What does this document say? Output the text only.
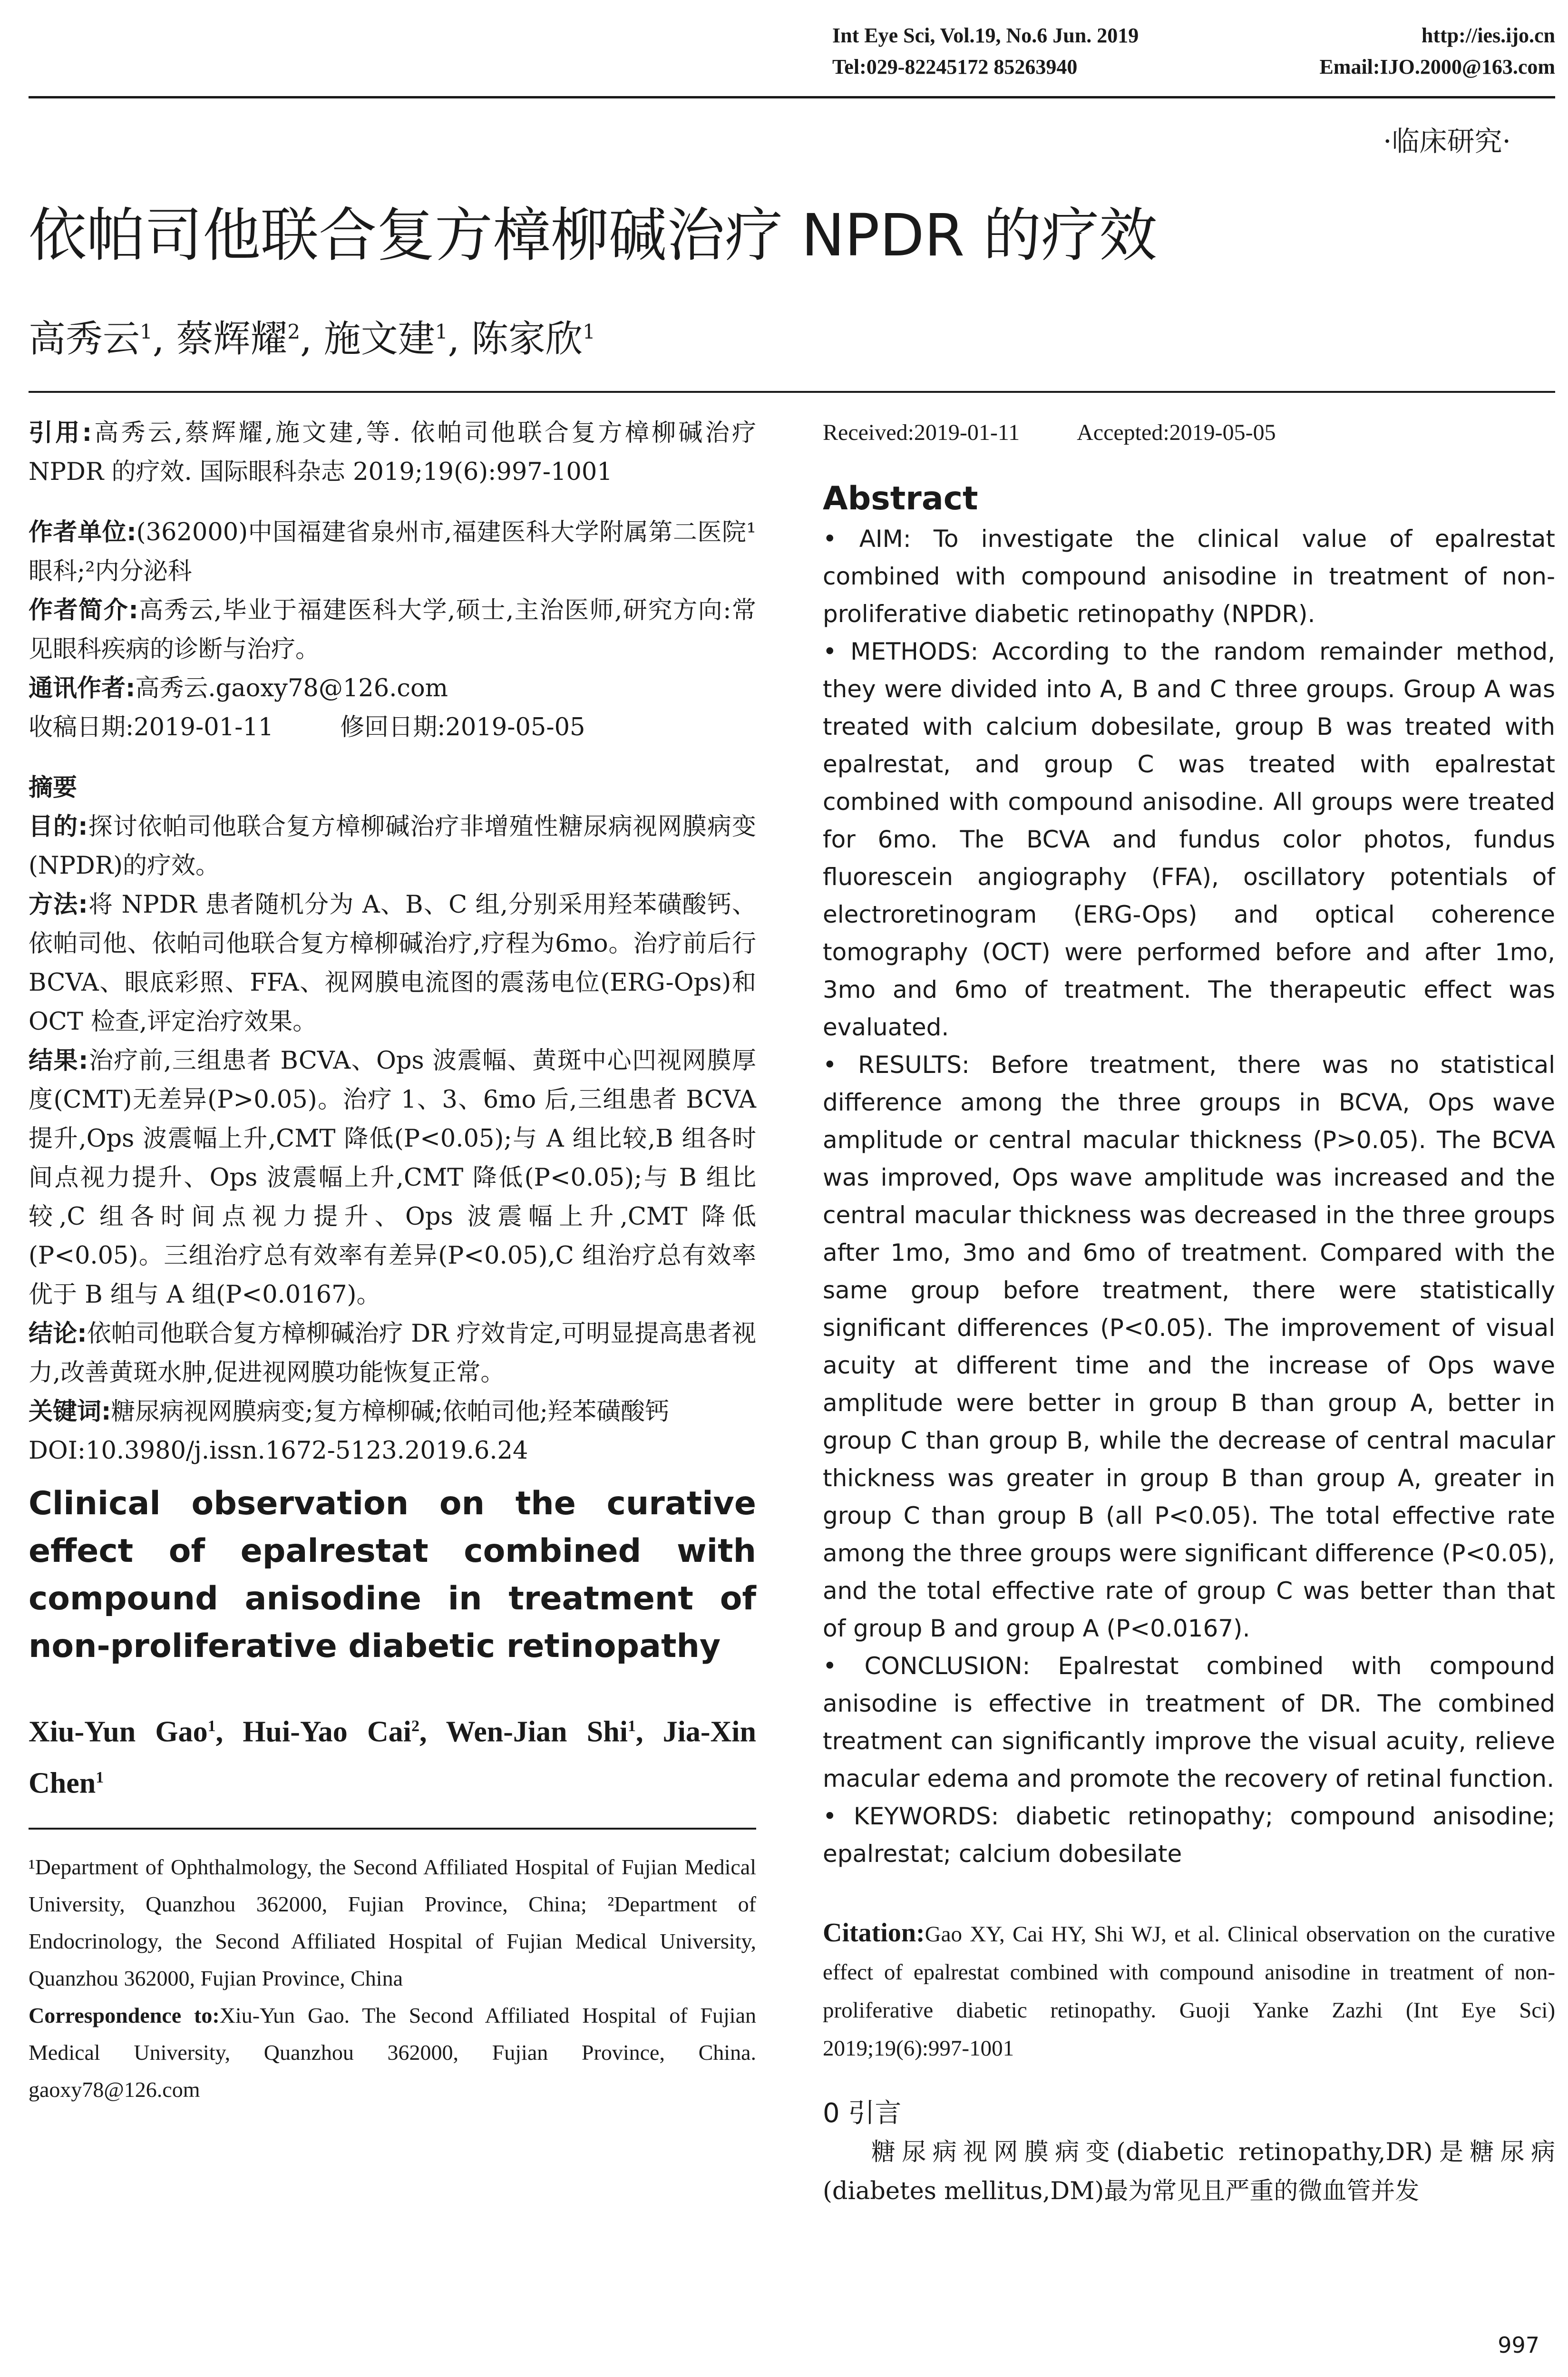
Int Eye Sci, Vol.19, No.6 Jun. 2019	http://ies.ijo.cn
Tel:029-82245172 85263940	Email:IJO.2000@163.com
·临床研究·
依帕司他联合复方樟柳碱治疗 NPDR 的疗效
高秀云$^1$, 蔡辉耀$^2$, 施文建$^1$, 陈家欣$^1$

引用:高秀云,蔡辉耀,施文建,等. 依帕司他联合复方樟柳碱治疗 NPDR 的疗效. 国际眼科杂志 2019;19(6):997-1001

作者单位:(362000)中国福建省泉州市,福建医科大学附属第二医院¹眼科;²内分泌科

作者简介:高秀云,毕业于福建医科大学,硕士,主治医师,研究方向:常见眼科疾病的诊断与治疗。

通讯作者:高秀云.gaoxy78@126.com

收稿日期:2019-01-11	修回日期:2019-05-05

摘要

目的:探讨依帕司他联合复方樟柳碱治疗非增殖性糖尿病视网膜病变(NPDR)的疗效。

方法:将 NPDR 患者随机分为 A、B、C 组,分别采用羟苯磺酸钙、依帕司他、依帕司他联合复方樟柳碱治疗,疗程为6mo。治疗前后行 BCVA、眼底彩照、FFA、视网膜电流图的震荡电位(ERG-Ops)和 OCT 检查,评定治疗效果。

结果:治疗前,三组患者 BCVA、Ops 波震幅、黄斑中心凹视网膜厚度(CMT)无差异(P>0.05)。治疗 1、3、6mo 后,三组患者 BCVA 提升,Ops 波震幅上升,CMT 降低(P<0.05);与 A 组比较,B 组各时间点视力提升、Ops 波震幅上升,CMT 降低(P<0.05);与 B 组比较,C 组各时间点视力提升、Ops 波震幅上升,CMT 降低(P<0.05)。三组治疗总有效率有差异(P<0.05),C 组治疗总有效率优于 B 组与 A 组(P<0.0167)。

结论:依帕司他联合复方樟柳碱治疗 DR 疗效肯定,可明显提高患者视力,改善黄斑水肿,促进视网膜功能恢复正常。

关键词:糖尿病视网膜病变;复方樟柳碱;依帕司他;羟苯磺酸钙

DOI:10.3980/j.issn.1672-5123.2019.6.24

Clinical observation on the curative effect of epalrestat combined with compound anisodine in treatment of non-proliferative diabetic retinopathy
Xiu-Yun Gao$^1$, Hui-Yao Cai$^2$, Wen-Jian Shi$^1$, Jia-Xin Chen$^1$

¹Department of Ophthalmology, the Second Affiliated Hospital of Fujian Medical University, Quanzhou 362000, Fujian Province, China; ²Department of Endocrinology, the Second Affiliated Hospital of Fujian Medical University, Quanzhou 362000, Fujian Province, China

Correspondence to:Xiu-Yun Gao. The Second Affiliated Hospital of Fujian Medical University, Quanzhou 362000, Fujian Province, China. gaoxy78@126.com

Received:2019-01-11	Accepted:2019-05-05
Abstract

• AIM: To investigate the clinical value of epalrestat combined with compound anisodine in treatment of non-proliferative diabetic retinopathy (NPDR).

• METHODS: According to the random remainder method, they were divided into A, B and C three groups. Group A was treated with calcium dobesilate, group B was treated with epalrestat, and group C was treated with epalrestat combined with compound anisodine. All groups were treated for 6mo. The BCVA and fundus color photos, fundus fluorescein angiography (FFA), oscillatory potentials of electroretinogram (ERG-Ops) and optical coherence tomography (OCT) were performed before and after 1mo, 3mo and 6mo of treatment. The therapeutic effect was evaluated.

• RESULTS: Before treatment, there was no statistical difference among the three groups in BCVA, Ops wave amplitude or central macular thickness (P>0.05). The BCVA was improved, Ops wave amplitude was increased and the central macular thickness was decreased in the three groups after 1mo, 3mo and 6mo of treatment. Compared with the same group before treatment, there were statistically significant differences (P<0.05). The improvement of visual acuity at different time and the increase of Ops wave amplitude were better in group B than group A, better in group C than group B, while the decrease of central macular thickness was greater in group B than group A, greater in group C than group B (all P<0.05). The total effective rate among the three groups were significant difference (P<0.05), and the total effective rate of group C was better than that of group B and group A (P<0.0167).

• CONCLUSION: Epalrestat combined with compound anisodine is effective in treatment of DR. The combined treatment can significantly improve the visual acuity, relieve macular edema and promote the recovery of retinal function.

• KEYWORDS: diabetic retinopathy; compound anisodine; epalrestat; calcium dobesilate

Citation:Gao XY, Cai HY, Shi WJ, et al. Clinical observation on the curative effect of epalrestat combined with compound anisodine in treatment of non-proliferative diabetic retinopathy. Guoji Yanke Zazhi (Int Eye Sci) 2019;19(6):997-1001

0 引言

糖尿病视网膜病变(diabetic retinopathy,DR)是糖尿病(diabetes mellitus,DM)最为常见且严重的微血管并发

997
